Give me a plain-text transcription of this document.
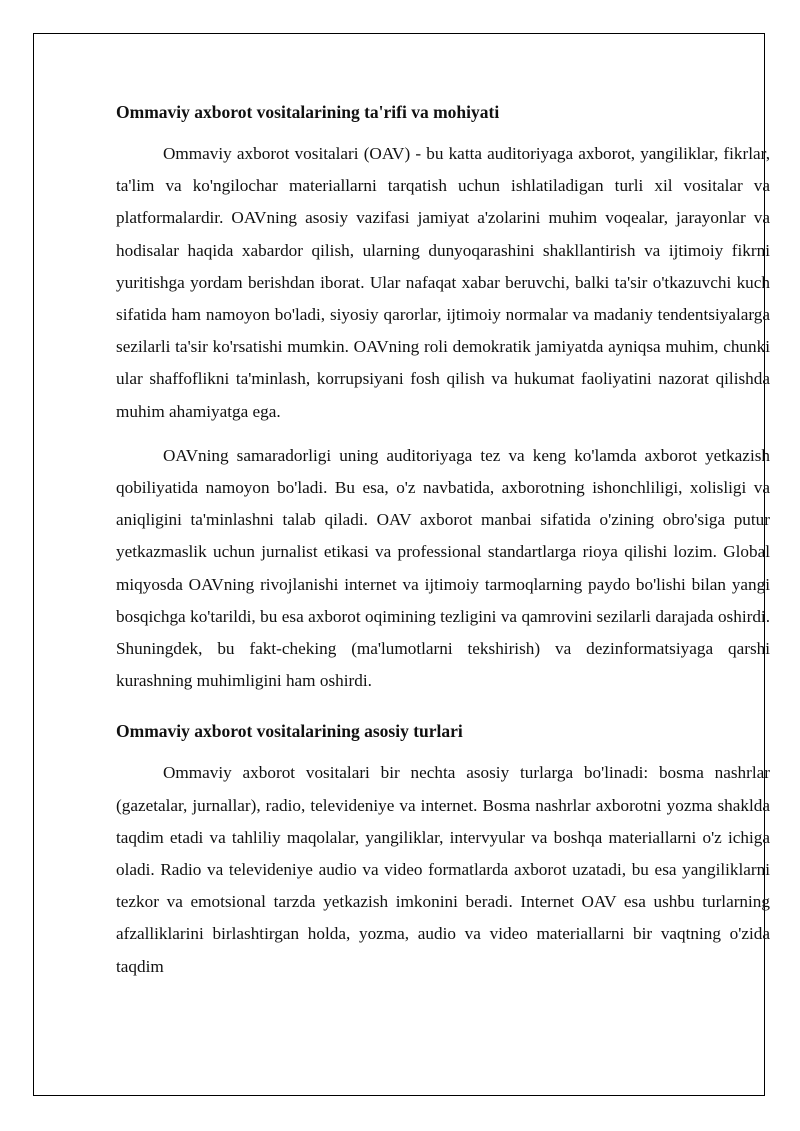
Ommaviy axborot vositalarining ta'rifi va mohiyati

Ommaviy axborot vositalari (OAV) - bu katta auditoriyaga axborot, yangiliklar, fikrlar, ta'lim va ko'ngilochar materiallarni tarqatish uchun ishlatiladigan turli xil vositalar va platformalardir. OAVning asosiy vazifasi jamiyat a'zolarini muhim voqealar, jarayonlar va hodisalar haqida xabardor qilish, ularning dunyoqarashini shakllantirish va ijtimoiy fikrni yuritishga yordam berishdan iborat. Ular nafaqat xabar beruvchi, balki ta'sir o'tkazuvchi kuch sifatida ham namoyon bo'ladi, siyosiy qarorlar, ijtimoiy normalar va madaniy tendentsiyalarga sezilarli ta'sir ko'rsatishi mumkin. OAVning roli demokratik jamiyatda ayniqsa muhim, chunki ular shaffoflikni ta'minlash, korrupsiyani fosh qilish va hukumat faoliyatini nazorat qilishda muhim ahamiyatga ega.

OAVning samaradorligi uning auditoriyaga tez va keng ko'lamda axborot yetkazish qobiliyatida namoyon bo'ladi. Bu esa, o'z navbatida, axborotning ishonchliligi, xolisligi va aniqligini ta'minlashni talab qiladi. OAV axborot manbai sifatida o'zining obro'siga putur yetkazmaslik uchun jurnalist etikasi va professional standartlarga rioya qilishi lozim. Global miqyosda OAVning rivojlanishi internet va ijtimoiy tarmoqlarning paydo bo'lishi bilan yangi bosqichga ko'tarildi, bu esa axborot oqimining tezligini va qamrovini sezilarli darajada oshirdi. Shuningdek, bu fakt-cheking (ma'lumotlarni tekshirish) va dezinformatsiyaga qarshi kurashning muhimligini ham oshirdi.

Ommaviy axborot vositalarining asosiy turlari

Ommaviy axborot vositalari bir nechta asosiy turlarga bo'linadi: bosma nashrlar (gazetalar, jurnallar), radio, televideniye va internet. Bosma nashrlar axborotni yozma shaklda taqdim etadi va tahliliy maqolalar, yangiliklar, intervyular va boshqa materiallarni o'z ichiga oladi. Radio va televideniye audio va video formatlarda axborot uzatadi, bu esa yangiliklarni tezkor va emotsional tarzda yetkazish imkonini beradi. Internet OAV esa ushbu turlarning afzalliklarini birlashtirgan holda, yozma, audio va video materiallarni bir vaqtning o'zida taqdim
